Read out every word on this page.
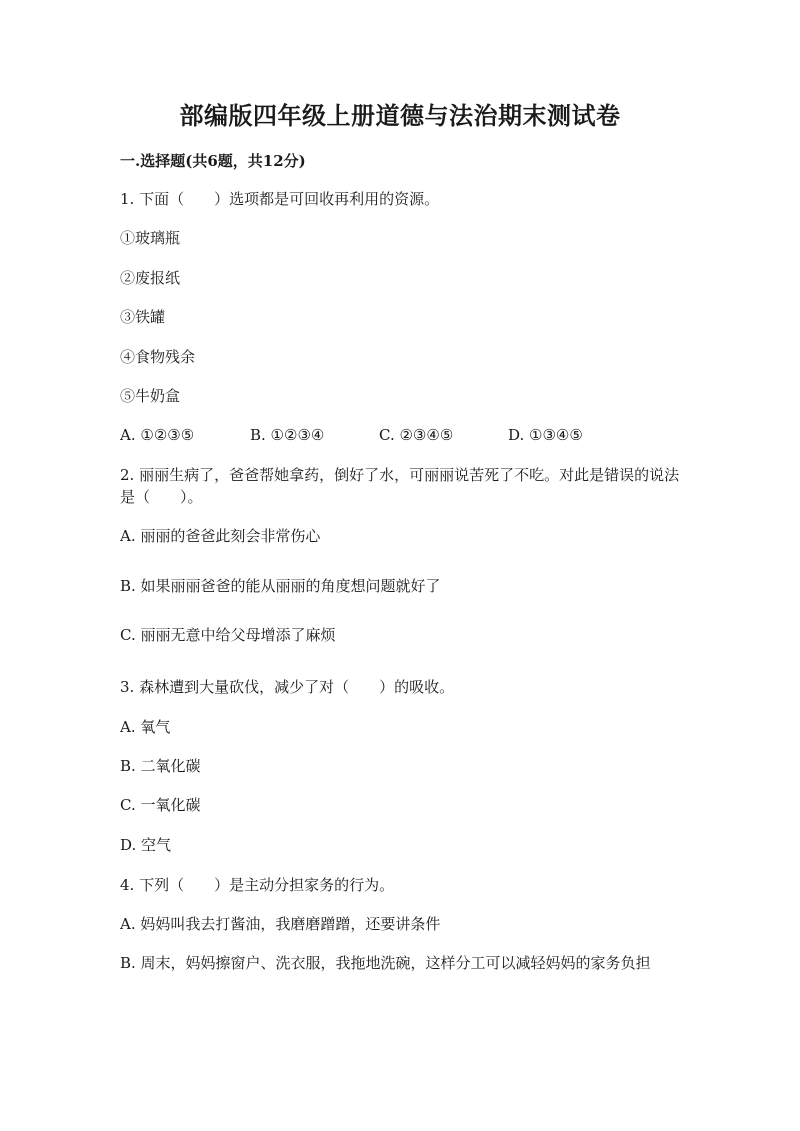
部编版四年级上册道德与法治期末测试卷
一.选择题(共6题，共12分)
1. 下面（　　）选项都是可回收再利用的资源。
①玻璃瓶
②废报纸
③铁罐
④食物残余
⑤牛奶盒
A. ①②③⑤	B. ①②③④	C. ②③④⑤	D. ①③④⑤
2. 丽丽生病了，爸爸帮她拿药，倒好了水，可丽丽说苦死了不吃。对此是错误的说法是（　　）。
A. 丽丽的爸爸此刻会非常伤心
B. 如果丽丽爸爸的能从丽丽的角度想问题就好了
C. 丽丽无意中给父母增添了麻烦
3. 森林遭到大量砍伐，减少了对（　　）的吸收。
A. 氧气
B. 二氧化碳
C. 一氧化碳
D. 空气
4. 下列（　　）是主动分担家务的行为。
A. 妈妈叫我去打酱油，我磨磨蹭蹭，还要讲条件
B. 周末，妈妈擦窗户、洗衣服，我拖地洗碗，这样分工可以减轻妈妈的家务负担
